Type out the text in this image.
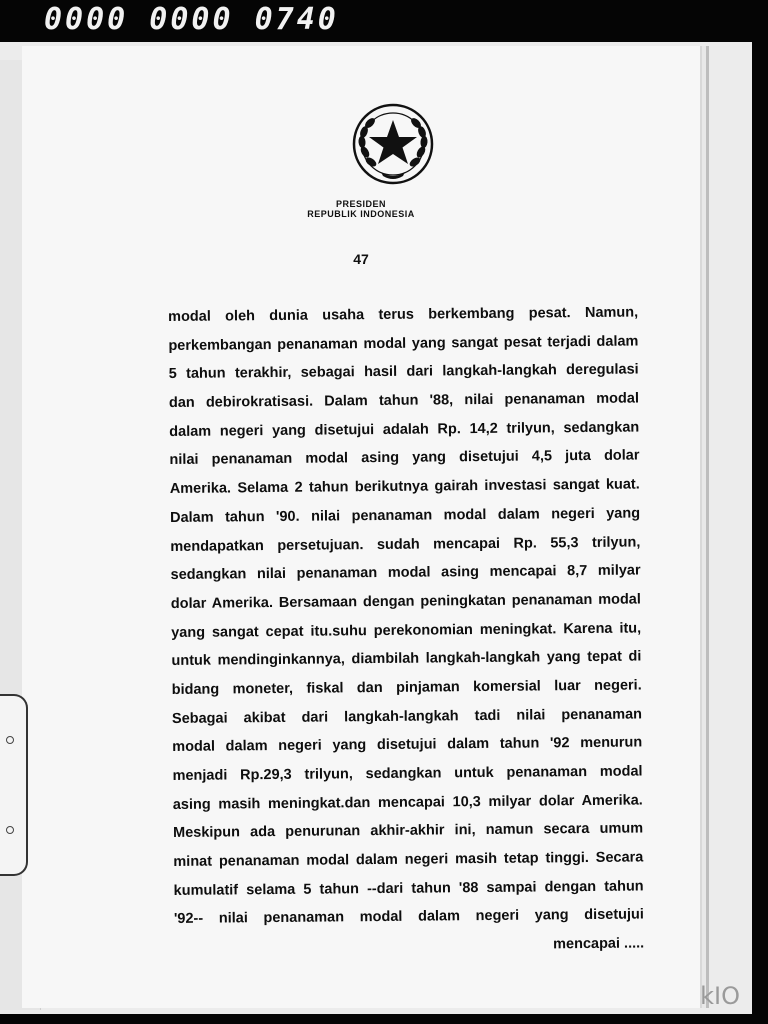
0000 0000 0740
PRESIDEN
REPUBLIK INDONESIA
47
modal oleh dunia usaha terus berkembang pesat. Namun,
perkembangan penanaman modal yang sangat pesat terjadi dalam
5 tahun terakhir, sebagai hasil dari langkah-langkah deregulasi
dan debirokratisasi. Dalam tahun '88, nilai penanaman modal
dalam negeri yang disetujui adalah Rp. 14,2 trilyun, sedangkan
nilai penanaman modal asing yang disetujui 4,5 juta dolar
Amerika. Selama 2 tahun berikutnya gairah investasi sangat kuat.
Dalam tahun '90. nilai penanaman modal dalam negeri yang
mendapatkan persetujuan. sudah mencapai Rp. 55,3 trilyun,
sedangkan nilai penanaman modal asing mencapai 8,7 milyar
dolar Amerika. Bersamaan dengan peningkatan penanaman modal
yang sangat cepat itu.suhu perekonomian meningkat. Karena itu,
untuk mendinginkannya, diambilah langkah-langkah yang tepat di
bidang moneter, fiskal dan pinjaman komersial luar negeri.
Sebagai akibat dari langkah-langkah tadi nilai penanaman
modal dalam negeri yang disetujui dalam tahun '92 menurun
menjadi Rp.29,3 trilyun, sedangkan untuk penanaman modal
asing masih meningkat.dan mencapai 10,3 milyar dolar Amerika.
Meskipun ada penurunan akhir-akhir ini, namun secara umum
minat penanaman modal dalam negeri masih tetap tinggi. Secara
kumulatif selama 5 tahun --dari tahun '88 sampai dengan tahun
'92-- nilai penanaman modal dalam negeri yang disetujui
mencapai .....
kIO
